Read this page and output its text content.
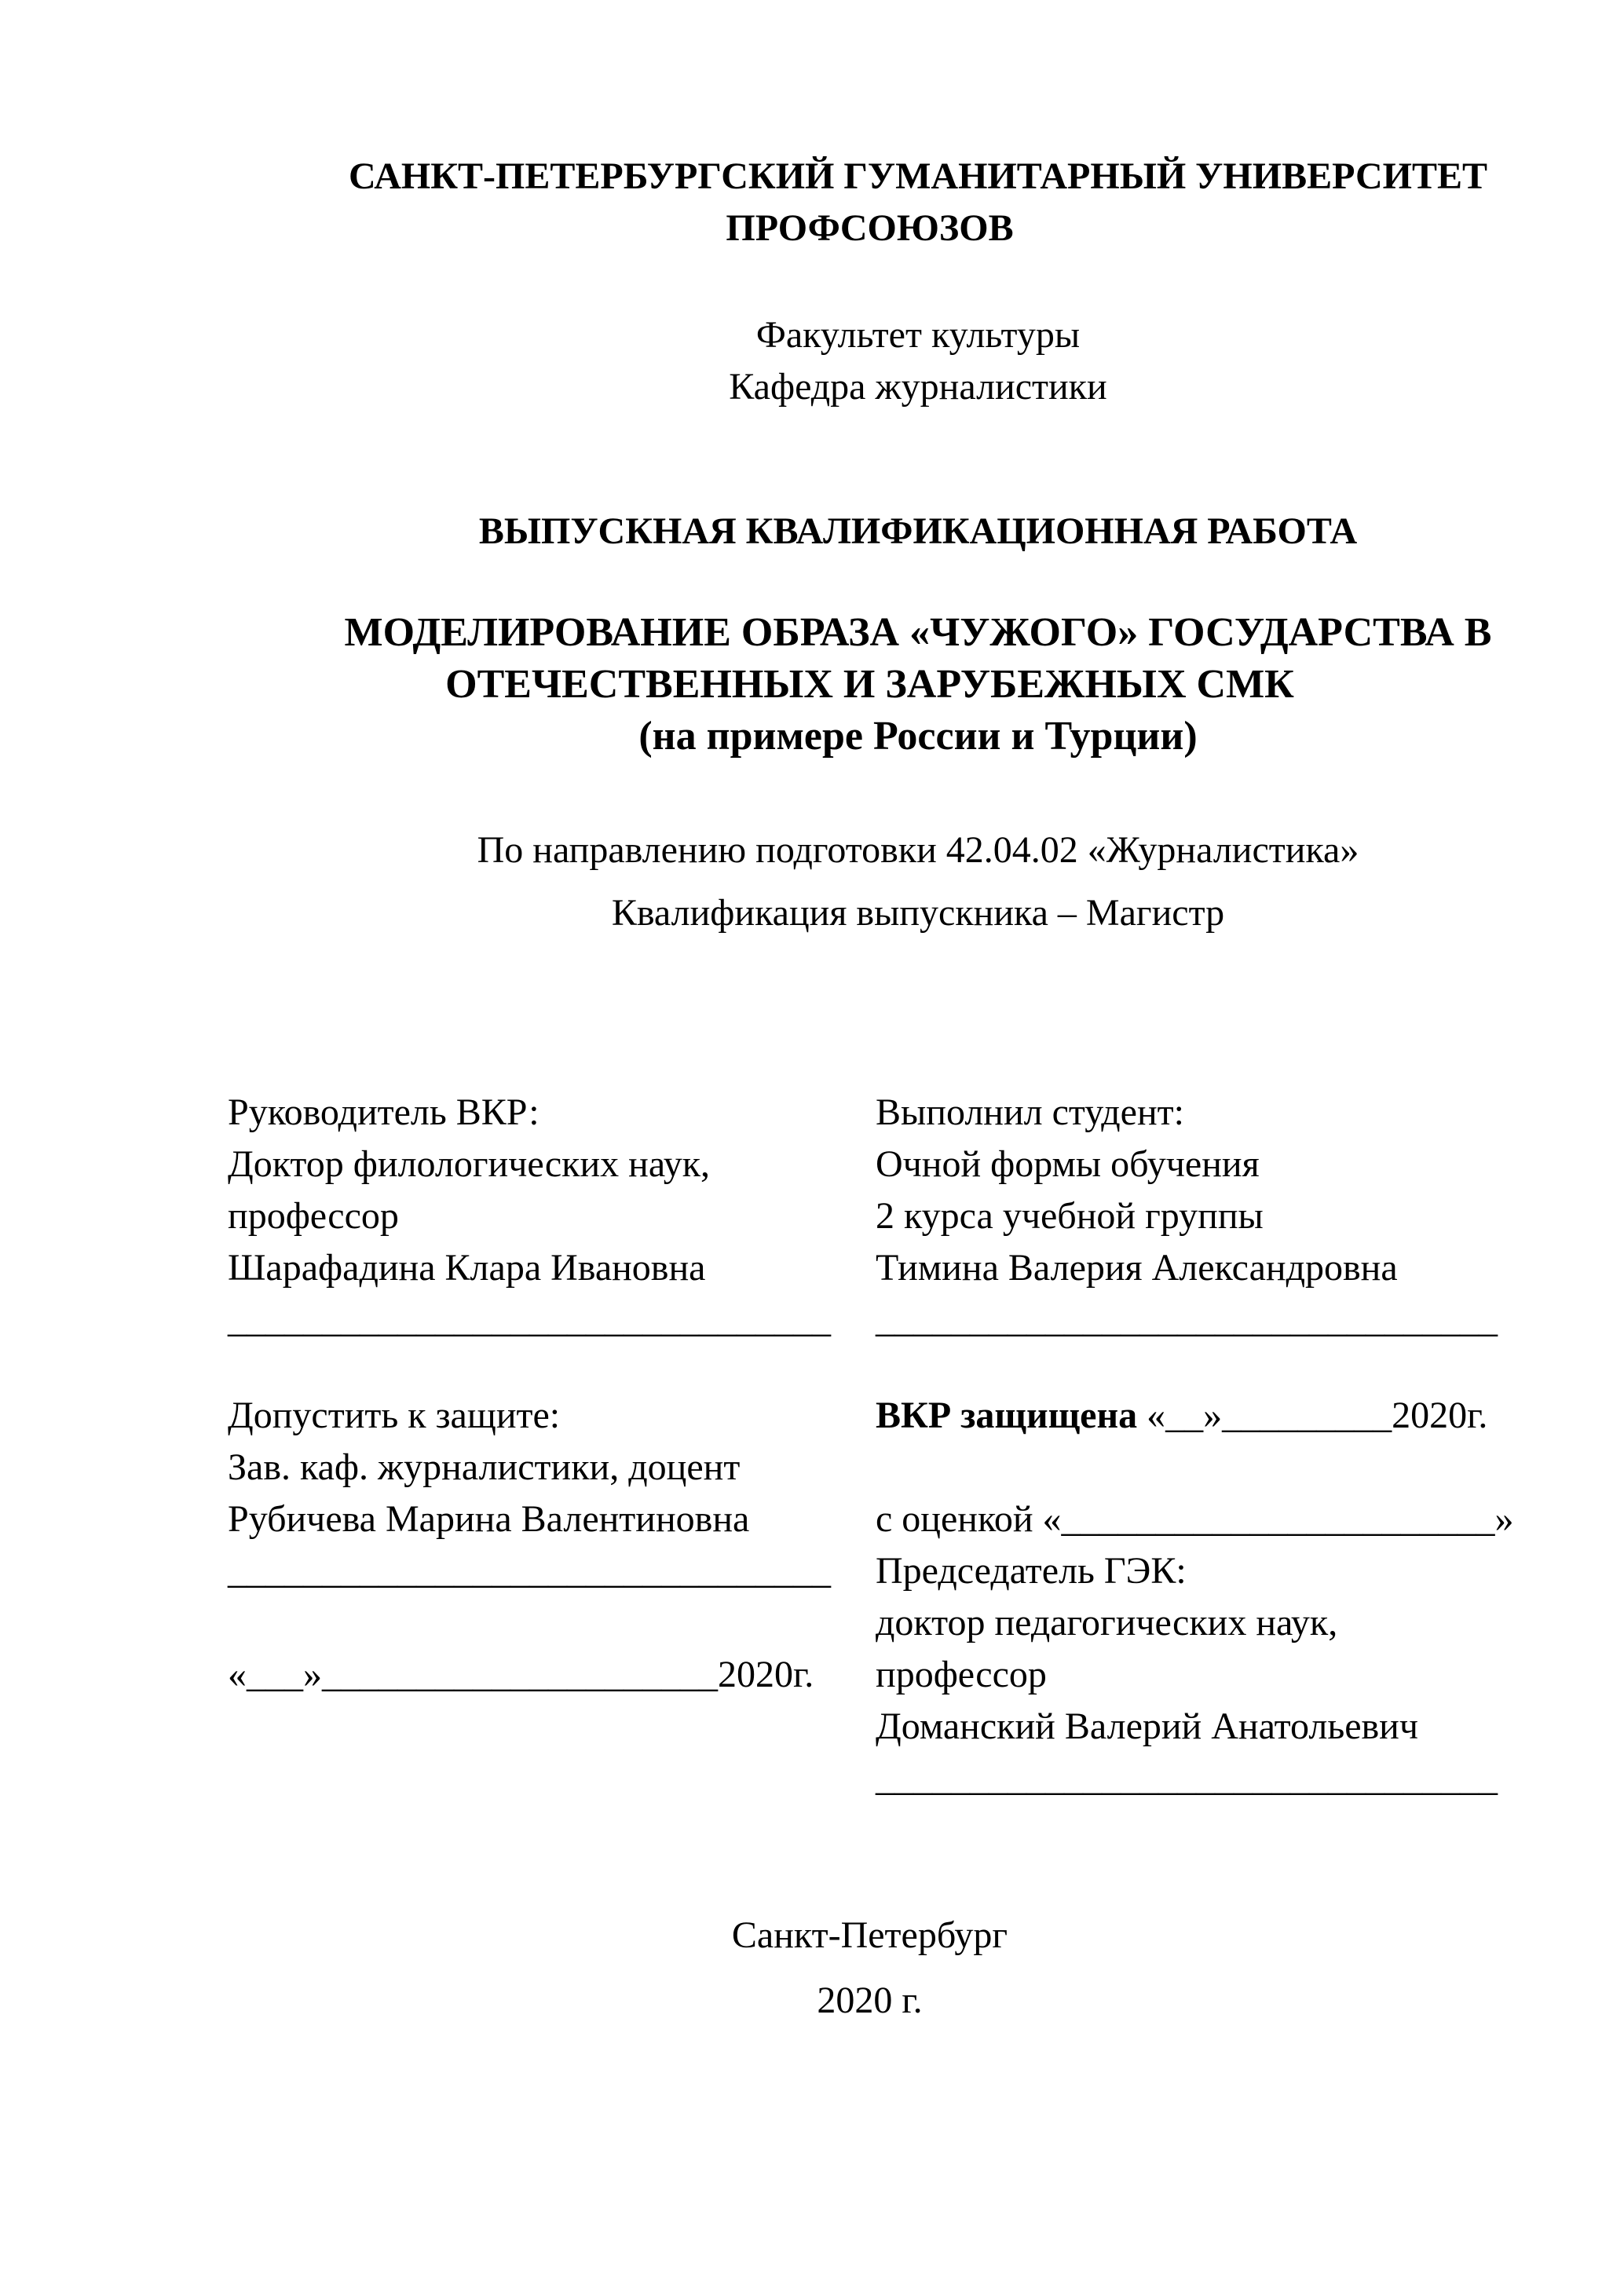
САНКТ-ПЕТЕРБУРГСКИЙ ГУМАНИТАРНЫЙ УНИВЕРСИТЕТ
ПРОФСОЮЗОВ
Факультет культуры
Кафедра журналистики
ВЫПУСКНАЯ КВАЛИФИКАЦИОННАЯ РАБОТА
МОДЕЛИРОВАНИЕ ОБРАЗА «ЧУЖОГО» ГОСУДАРСТВА В
ОТЕЧЕСТВЕННЫХ И ЗАРУБЕЖНЫХ СМК
(на примере России и Турции)
По направлению подготовки 42.04.02 «Журналистика»
Квалификация выпускника – Магистр
Руководитель ВКР:
Доктор филологических наук,
профессор
Шарафадина Клара Ивановна
________________________________
Выполнил студент:
Очной формы обучения
2 курса учебной группы
Тимина Валерия Александровна
_________________________________
Допустить к защите:
Зав. каф. журналистики, доцент
Рубичева Марина Валентиновна
________________________________
«___»_____________________2020г.
ВКР защищена «__»_________2020г.
с оценкой «_______________________»
Председатель ГЭК:
доктор педагогических наук,
профессор
Доманский Валерий Анатольевич
_________________________________
Санкт-Петербург
2020 г.
